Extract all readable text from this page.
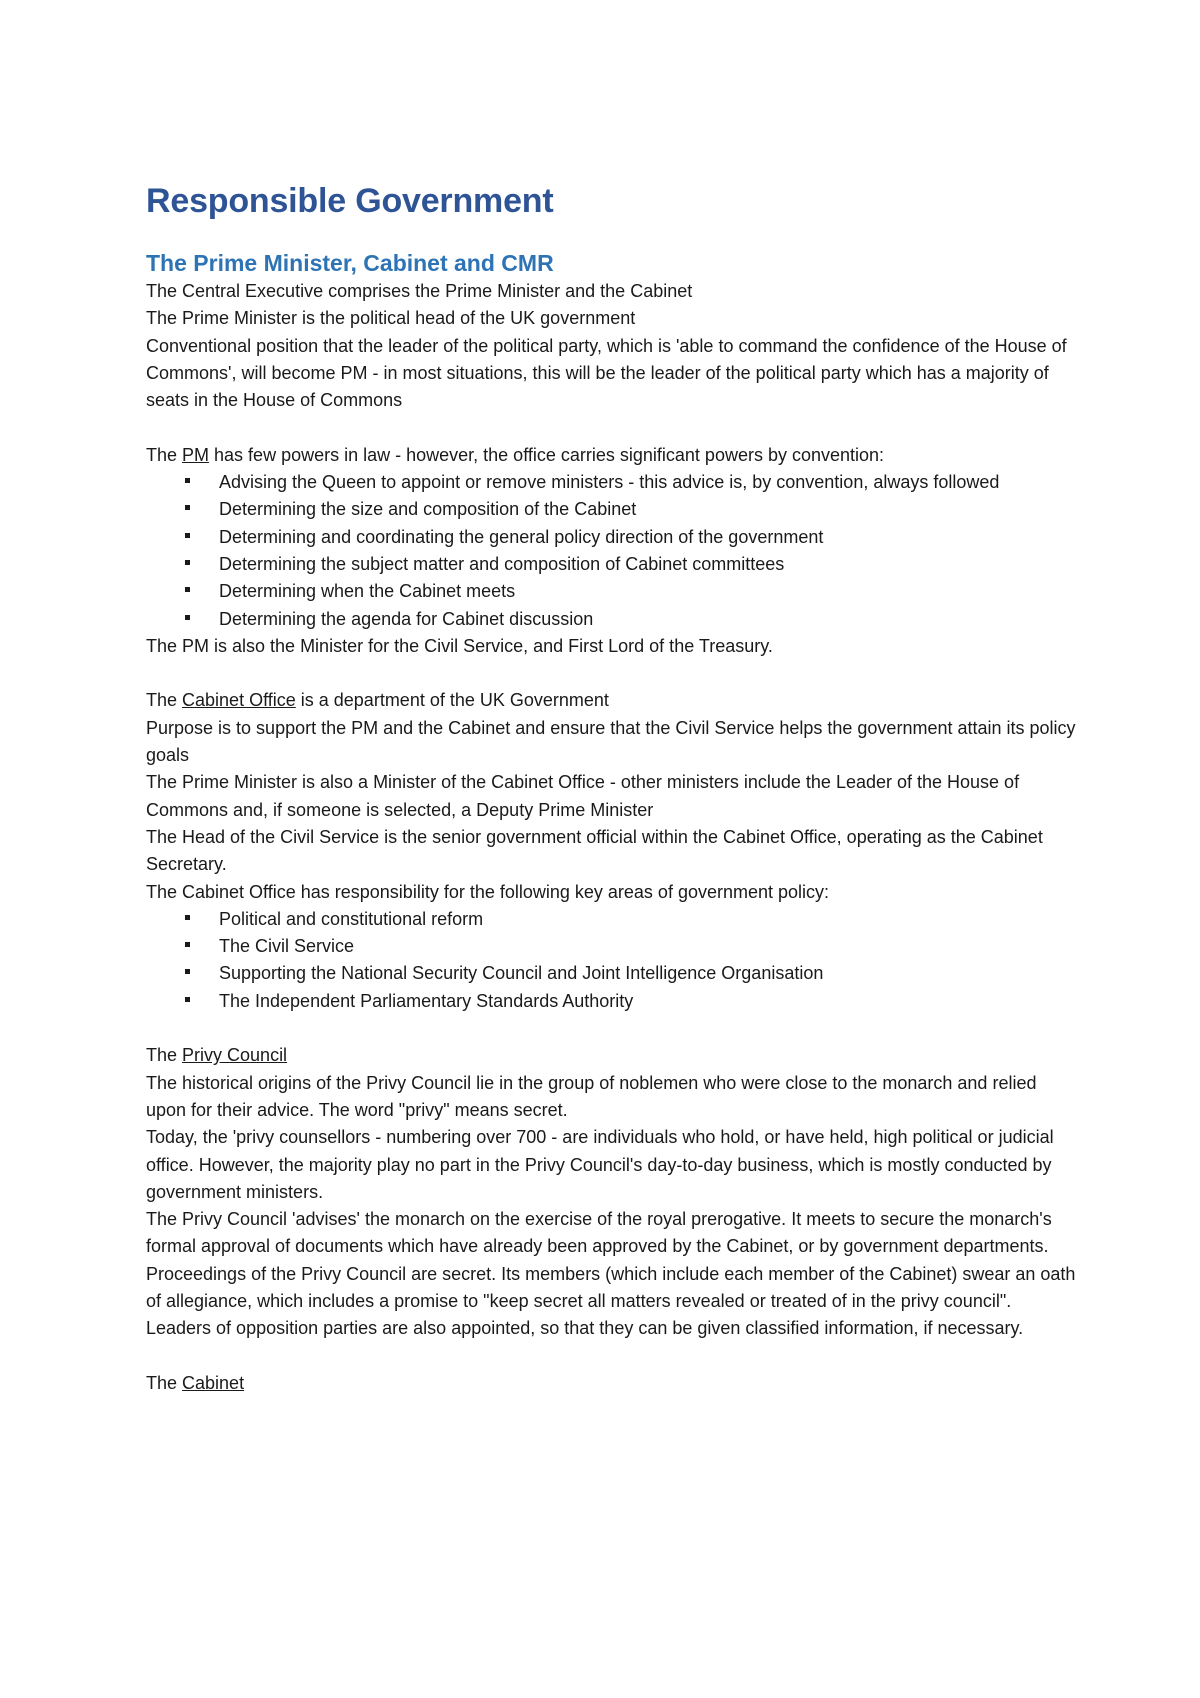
Responsible Government
The Prime Minister, Cabinet and CMR

The Central Executive comprises the Prime Minister and the Cabinet

The Prime Minister is the political head of the UK government

Conventional position that the leader of the political party, which is 'able to command the confidence of the House of Commons', will become PM - in most situations, this will be the leader of the political party which has a majority of seats in the House of Commons

The PM has few powers in law - however, the office carries significant powers by convention:

Advising the Queen to appoint or remove ministers - this advice is, by convention, always followed
Determining the size and composition of the Cabinet
Determining and coordinating the general policy direction of the government
Determining the subject matter and composition of Cabinet committees
Determining when the Cabinet meets
Determining the agenda for Cabinet discussion

The PM is also the Minister for the Civil Service, and First Lord of the Treasury.

The Cabinet Office is a department of the UK Government

Purpose is to support the PM and the Cabinet and ensure that the Civil Service helps the government attain its policy goals

The Prime Minister is also a Minister of the Cabinet Office - other ministers include the Leader of the House of Commons and, if someone is selected, a Deputy Prime Minister

The Head of the Civil Service is the senior government official within the Cabinet Office, operating as the Cabinet Secretary.

The Cabinet Office has responsibility for the following key areas of government policy:

Political and constitutional reform
The Civil Service
Supporting the National Security Council and Joint Intelligence Organisation
The Independent Parliamentary Standards Authority

The Privy Council

The historical origins of the Privy Council lie in the group of noblemen who were close to the monarch and relied upon for their advice. The word "privy" means secret.

Today, the 'privy counsellors - numbering over 700 - are individuals who hold, or have held, high political or judicial office. However, the majority play no part in the Privy Council's day-to-day business, which is mostly conducted by government ministers.

The Privy Council 'advises' the monarch on the exercise of the royal prerogative. It meets to secure the monarch's formal approval of documents which have already been approved by the Cabinet, or by government departments.

Proceedings of the Privy Council are secret. Its members (which include each member of the Cabinet) swear an oath of allegiance, which includes a promise to "keep secret all matters revealed or treated of in the privy council".

Leaders of opposition parties are also appointed, so that they can be given classified information, if necessary.

The Cabinet
